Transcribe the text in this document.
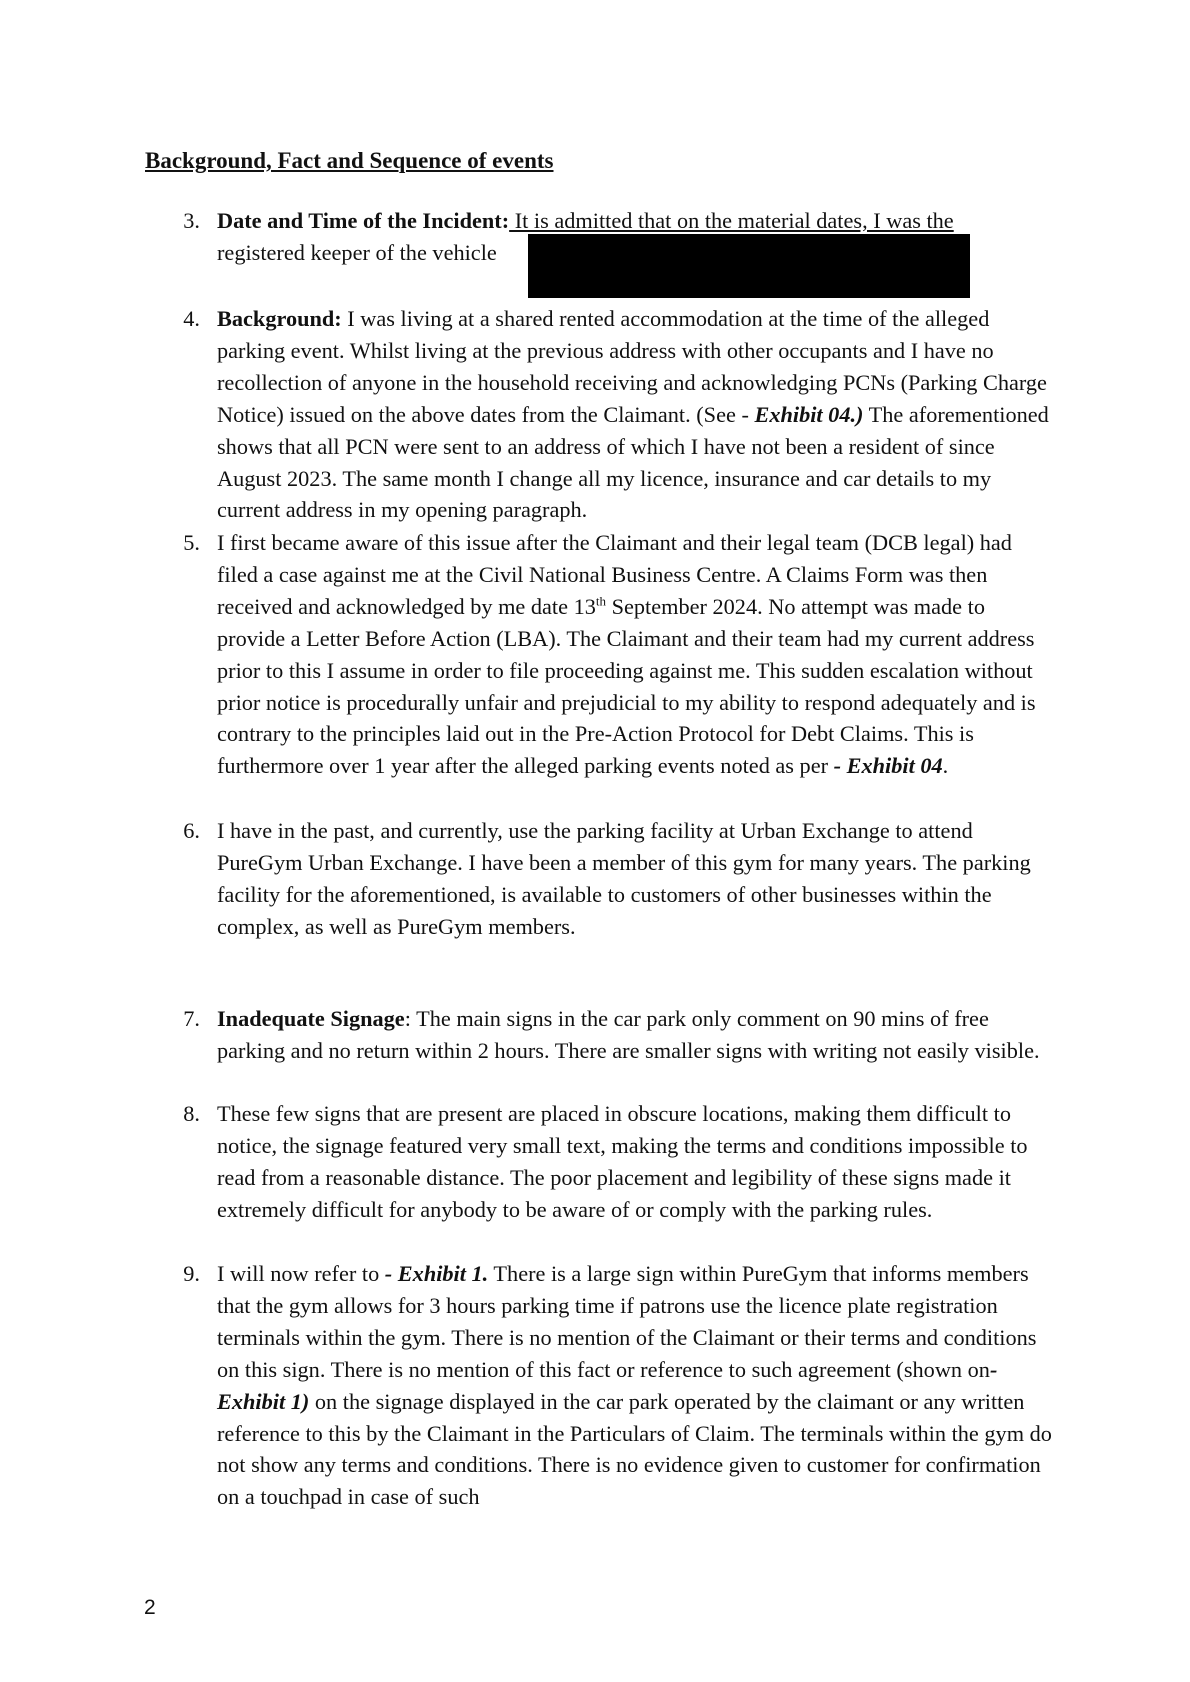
Background, Fact and Sequence of events
3. Date and Time of the Incident: It is admitted that on the material dates, I was the
registered keeper of the vehicle
4. Background: I was living at a shared rented accommodation at the time of the alleged parking event. Whilst living at the previous address with other occupants and I have no recollection of anyone in the household receiving and acknowledging PCNs (Parking Charge Notice) issued on the above dates from the Claimant. (See - Exhibit 04.) The aforementioned shows that all PCN were sent to an address of which I have not been a resident of since August 2023. The same month I change all my licence, insurance and car details to my current address in my opening paragraph.
5. I first became aware of this issue after the Claimant and their legal team (DCB legal) had filed a case against me at the Civil National Business Centre. A Claims Form was then received and acknowledged by me date 13th September 2024. No attempt was made to provide a Letter Before Action (LBA). The Claimant and their team had my current address prior to this I assume in order to file proceeding against me. This sudden escalation without prior notice is procedurally unfair and prejudicial to my ability to respond adequately and is contrary to the principles laid out in the Pre-Action Protocol for Debt Claims. This is furthermore over 1 year after the alleged parking events noted as per - Exhibit 04.
6. I have in the past, and currently, use the parking facility at Urban Exchange to attend PureGym Urban Exchange. I have been a member of this gym for many years. The parking facility for the aforementioned, is available to customers of other businesses within the complex, as well as PureGym members.
7. Inadequate Signage: The main signs in the car park only comment on 90 mins of free parking and no return within 2 hours. There are smaller signs with writing not easily visible.
8. These few signs that are present are placed in obscure locations, making them difficult to notice, the signage featured very small text, making the terms and conditions impossible to read from a reasonable distance. The poor placement and legibility of these signs made it extremely difficult for anybody to be aware of or comply with the parking rules.
9. I will now refer to - Exhibit 1. There is a large sign within PureGym that informs members that the gym allows for 3 hours parking time if patrons use the licence plate registration terminals within the gym. There is no mention of the Claimant or their terms and conditions on this sign. There is no mention of this fact or reference to such agreement (shown on- Exhibit 1) on the signage displayed in the car park operated by the claimant or any written reference to this by the Claimant in the Particulars of Claim. The terminals within the gym do not show any terms and conditions. There is no evidence given to customer for confirmation on a touchpad in case of such
2
